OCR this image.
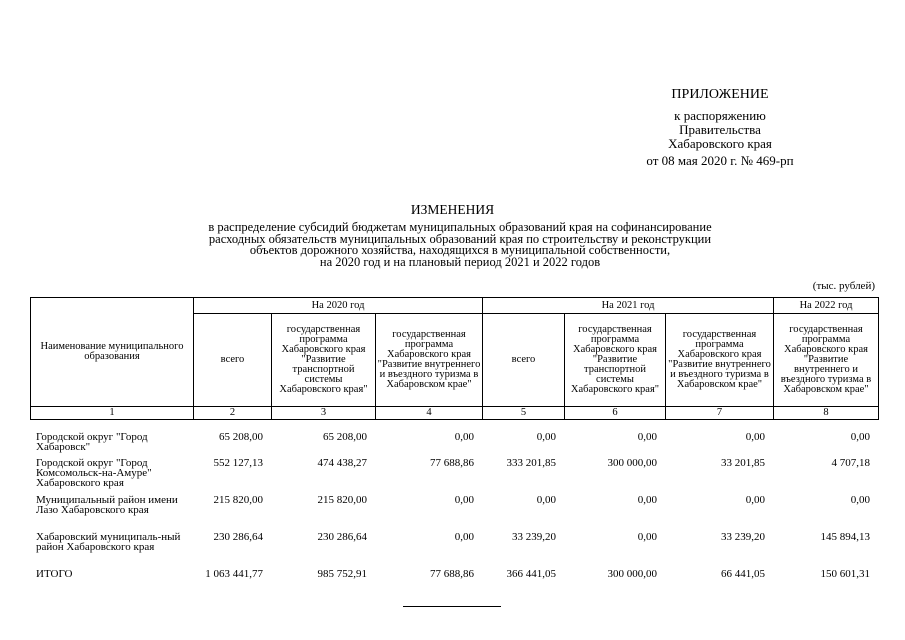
ПРИЛОЖЕНИЕ
к распоряжению
Правительства
Хабаровского края
от 08 мая 2020 г. № 469-рп
ИЗМЕНЕНИЯ
в распределение субсидий бюджетам муниципальных образований края на софинансирование
расходных обязательств муниципальных образований края по строительству и реконструкции
объектов дорожного хозяйства, находящихся в муниципальной собственности,
на 2020 год и на плановый период 2021 и 2022 годов
(тыс. рублей)
Наименование муниципального образования	На 2020 год			На 2021 год			На 2022 год
	всего	государственная программа Хабаровского края "Развитие транспортной системы Хабаровского края"	государственная программа Хабаровского края "Развитие внутреннего и въездного туризма в Хабаровском крае"	всего	государственная программа Хабаровского края "Развитие транспортной системы Хабаровского края"	государственная программа Хабаровского края "Развитие внутреннего и въездного туризма в Хабаровском крае"	государственная программа Хабаровского края "Развитие внутреннего и въездного туризма в Хабаровском крае"
1	2	3	4	5	6	7	8
Городской округ "Город Хабаровск"	65 208,00	65 208,00	0,00	0,00	0,00	0,00	0,00
Городской округ "Город Комсомольск-на-Амуре" Хабаровского края	552 127,13	474 438,27	77 688,86	333 201,85	300 000,00	33 201,85	4 707,18
Муниципальный район имени Лазо Хабаровского края	215 820,00	215 820,00	0,00	0,00	0,00	0,00	0,00
Хабаровский муниципаль-ный район Хабаровского края	230 286,64	230 286,64	0,00	33 239,20	0,00	33 239,20	145 894,13
ИТОГО	1 063 441,77	985 752,91	77 688,86	366 441,05	300 000,00	66 441,05	150 601,31
